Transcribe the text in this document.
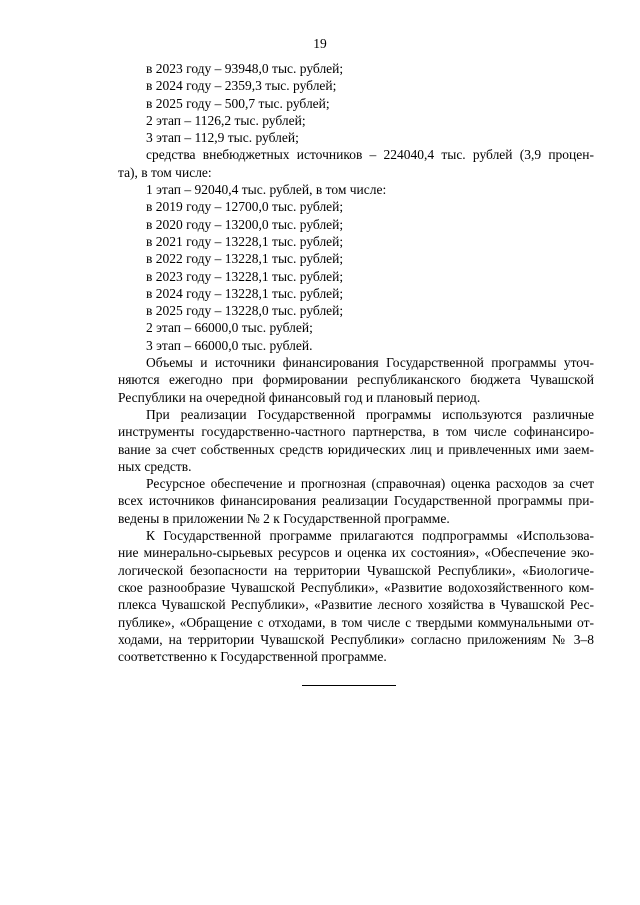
19
в 2023 году – 93948,0 тыс. рублей;
в 2024 году – 2359,3 тыс. рублей;
в 2025 году – 500,7 тыс. рублей;
2 этап – 1126,2 тыс. рублей;
3 этап – 112,9 тыс. рублей;
средства внебюджетных источников – 224040,4 тыс. рублей (3,9 процен-
та), в том числе:
1 этап – 92040,4 тыс. рублей, в том числе:
в 2019 году – 12700,0 тыс. рублей;
в 2020 году – 13200,0 тыс. рублей;
в 2021 году – 13228,1 тыс. рублей;
в 2022 году – 13228,1 тыс. рублей;
в 2023 году – 13228,1 тыс. рублей;
в 2024 году – 13228,1 тыс. рублей;
в 2025 году – 13228,0 тыс. рублей;
2 этап – 66000,0 тыс. рублей;
3 этап – 66000,0 тыс. рублей.
Объемы и источники финансирования Государственной программы уточ-
няются ежегодно при формировании республиканского бюджета Чувашской
Республики на очередной финансовый год и плановый период.
При реализации Государственной программы используются различные
инструменты государственно-частного партнерства, в том числе софинансиро-
вание за счет собственных средств юридических лиц и привлеченных ими заем-
ных средств.
Ресурсное обеспечение и прогнозная (справочная) оценка расходов за счет
всех источников финансирования реализации Государственной программы при-
ведены в приложении № 2 к Государственной программе.
К Государственной программе прилагаются подпрограммы «Использова-
ние минерально-сырьевых ресурсов и оценка их состояния», «Обеспечение эко-
логической безопасности на территории Чувашской Республики», «Биологиче-
ское разнообразие Чувашской Республики», «Развитие водохозяйственного ком-
плекса Чувашской Республики», «Развитие лесного хозяйства в Чувашской Рес-
публике», «Обращение с отходами, в том числе с твердыми коммунальными от-
ходами, на территории Чувашской Республики» согласно приложениям № 3–8
соответственно к Государственной программе.
